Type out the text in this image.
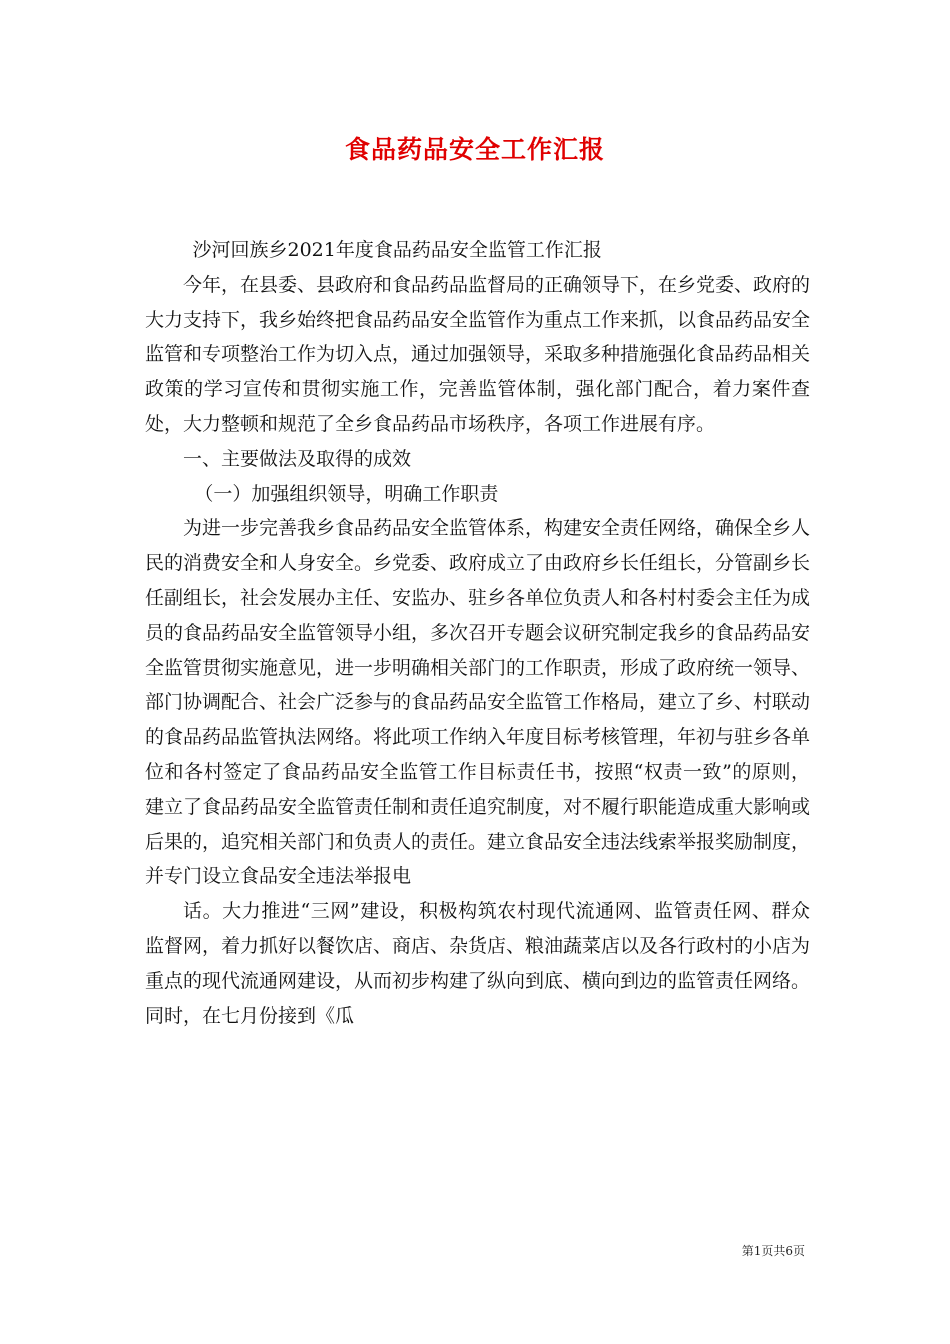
食品药品安全工作汇报

沙河回族乡2021年度食品药品安全监管工作汇报

今年，在县委、县政府和食品药品监督局的正确领导下，在乡党委、政府的大力支持下，我乡始终把食品药品安全监管作为重点工作来抓，以食品药品安全监管和专项整治工作为切入点，通过加强领导，采取多种措施强化食品药品相关政策的学习宣传和贯彻实施工作，完善监管体制，强化部门配合，着力案件查处，大力整顿和规范了全乡食品药品市场秩序，各项工作进展有序。

一、主要做法及取得的成效

（一）加强组织领导，明确工作职责

为进一步完善我乡食品药品安全监管体系，构建安全责任网络，确保全乡人民的消费安全和人身安全。乡党委、政府成立了由政府乡长任组长，分管副乡长任副组长，社会发展办主任、安监办、驻乡各单位负责人和各村村委会主任为成员的食品药品安全监管领导小组，多次召开专题会议研究制定我乡的食品药品安全监管贯彻实施意见，进一步明确相关部门的工作职责，形成了政府统一领导、部门协调配合、社会广泛参与的食品药品安全监管工作格局，建立了乡、村联动的食品药品监管执法网络。将此项工作纳入年度目标考核管理，年初与驻乡各单位和各村签定了食品药品安全监管工作目标责任书，按照“权责一致”的原则，建立了食品药品安全监管责任制和责任追究制度，对不履行职能造成重大影响或后果的，追究相关部门和负责人的责任。建立食品安全违法线索举报奖励制度，并专门设立食品安全违法举报电

话。大力推进“三网”建设，积极构筑农村现代流通网、监管责任网、群众监督网，着力抓好以餐饮店、商店、杂货店、粮油蔬菜店以及各行政村的小店为重点的现代流通网建设，从而初步构建了纵向到底、横向到边的监管责任网络。同时，在七月份接到《瓜

第1页共6页
